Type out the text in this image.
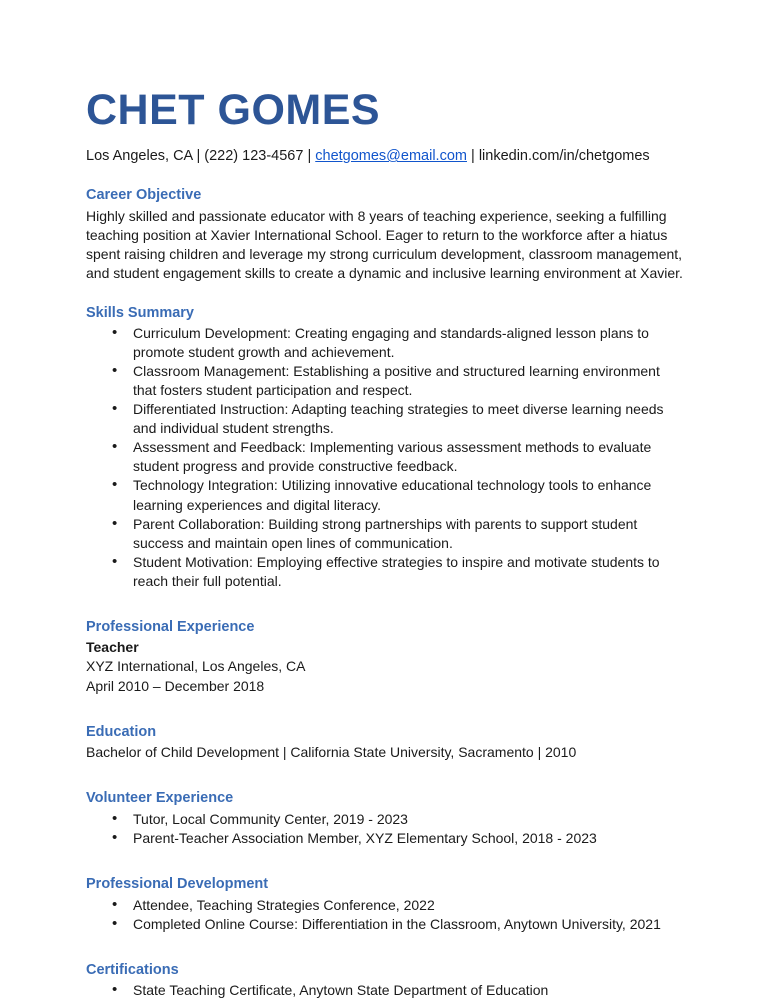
CHET GOMES
Los Angeles, CA | (222) 123-4567 | chetgomes@email.com | linkedin.com/in/chetgomes
Career Objective

Highly skilled and passionate educator with 8 years of teaching experience, seeking a fulfilling teaching position at Xavier International School. Eager to return to the workforce after a hiatus spent raising children and leverage my strong curriculum development, classroom management, and student engagement skills to create a dynamic and inclusive learning environment at Xavier.

Skills Summary
• Curriculum Development: Creating engaging and standards-aligned lesson plans to promote student growth and achievement.
• Classroom Management: Establishing a positive and structured learning environment that fosters student participation and respect.
• Differentiated Instruction: Adapting teaching strategies to meet diverse learning needs and individual student strengths.
• Assessment and Feedback: Implementing various assessment methods to evaluate student progress and provide constructive feedback.
• Technology Integration: Utilizing innovative educational technology tools to enhance learning experiences and digital literacy.
• Parent Collaboration: Building strong partnerships with parents to support student success and maintain open lines of communication.
• Student Motivation: Employing effective strategies to inspire and motivate students to reach their full potential.
Professional Experience
Teacher
XYZ International, Los Angeles, CA
April 2010 – December 2018
Education
Bachelor of Child Development | California State University, Sacramento | 2010
Volunteer Experience
• Tutor, Local Community Center, 2019 - 2023
• Parent-Teacher Association Member, XYZ Elementary School, 2018 - 2023
Professional Development
• Attendee, Teaching Strategies Conference, 2022
• Completed Online Course: Differentiation in the Classroom, Anytown University, 2021
Certifications
• State Teaching Certificate, Anytown State Department of Education
